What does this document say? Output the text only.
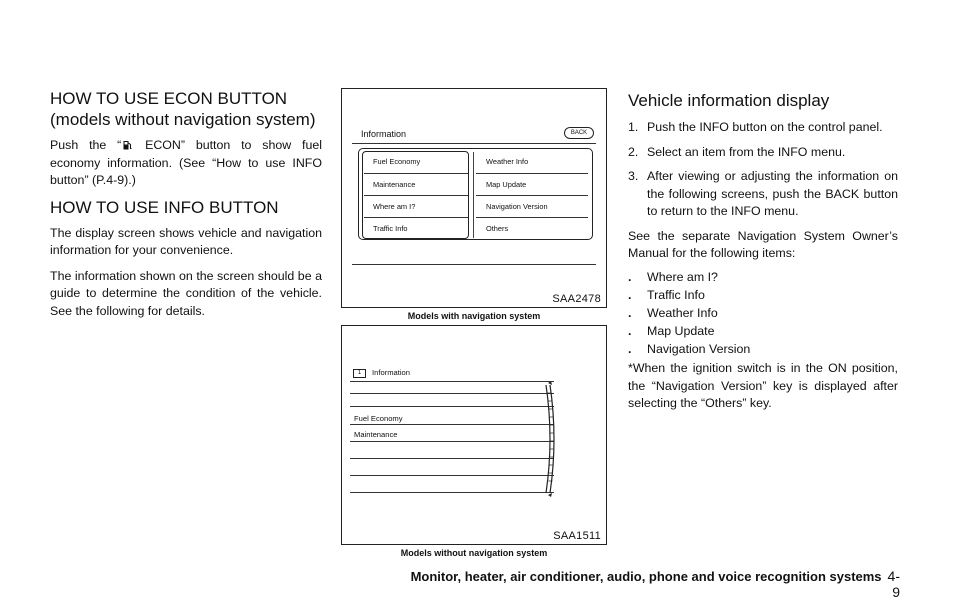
HOW TO USE ECON BUTTON (models without navigation system)

Push the “ ECON” button to show fuel economy information. (See “How to use INFO button” (P.4-9).)

HOW TO USE INFO BUTTON

The display screen shows vehicle and navigation information for your convenience.

The information shown on the screen should be a guide to determine the condition of the vehicle. See the following for details.

Information	BACK
Fuel Economy	Weather Info
Maintenance	Map Update
Where am I?	Navigation Version
Traffic Info	Others
SAA2478
Models with navigation system
1	Information
Fuel Economy
Maintenance
SAA1511
Models without navigation system
Vehicle information display
1. Push the INFO button on the control panel.
2. Select an item from the INFO menu.
3. After viewing or adjusting the information on the following screens, push the BACK button to return to the INFO menu.

See the separate Navigation System Owner’s Manual for the following items:

.	Where am I?
.	Traffic Info
.	Weather Info
.	Map Update
.	Navigation Version

*When the ignition switch is in the ON position, the “Navigation Version” key is displayed after selecting the “Others” key.

Monitor, heater, air conditioner, audio, phone and voice recognition systems 4-9
